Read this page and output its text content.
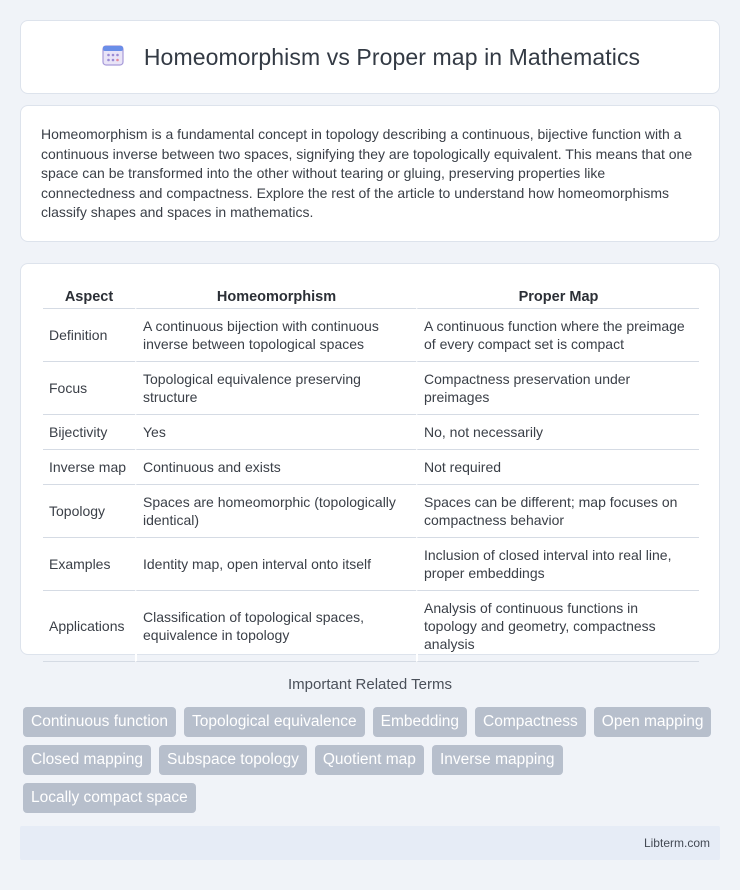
Homeomorphism vs Proper map in Mathematics

Homeomorphism is a fundamental concept in topology describing a continuous, bijective function with a continuous inverse between two spaces, signifying they are topologically equivalent. This means that one space can be transformed into the other without tearing or gluing, preserving properties like connectedness and compactness. Explore the rest of the article to understand how homeomorphisms classify shapes and spaces in mathematics.

Aspect	Homeomorphism	Proper Map
Definition	A continuous bijection with continuous inverse between topological spaces	A continuous function where the preimage of every compact set is compact
Focus	Topological equivalence preserving structure	Compactness preservation under preimages
Bijectivity	Yes	No, not necessarily
Inverse map	Continuous and exists	Not required
Topology	Spaces are homeomorphic (topologically identical)	Spaces can be different; map focuses on compactness behavior
Examples	Identity map, open interval onto itself	Inclusion of closed interval into real line, proper embeddings
Applications	Classification of topological spaces, equivalence in topology	Analysis of continuous functions in topology and geometry, compactness analysis
Important Related Terms
Continuous function	Topological equivalence	Embedding	Compactness	Open mapping
Closed mapping	Subspace topology	Quotient map	Inverse mapping
Locally compact space
Libterm.com
